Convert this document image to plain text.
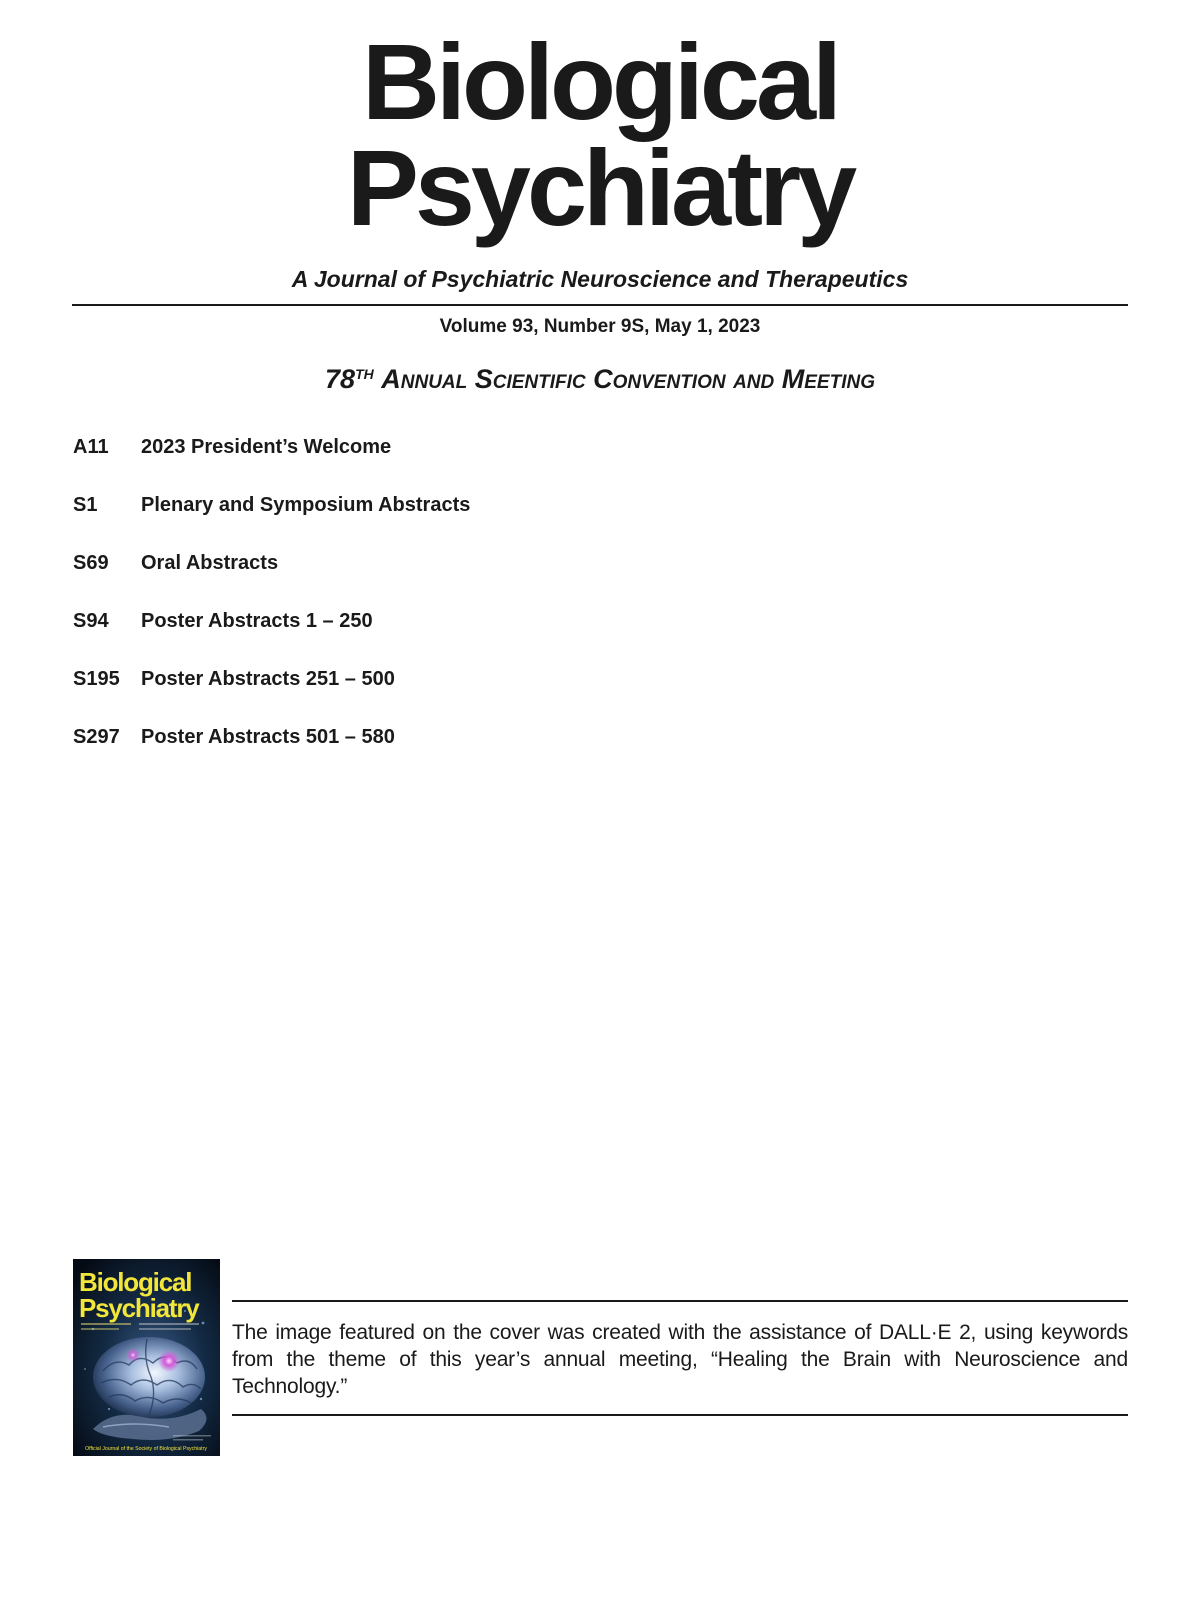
Biological
Psychiatry
A Journal of Psychiatric Neuroscience and Therapeutics
Volume 93, Number 9S, May 1, 2023
78TH Annual Scientific Convention and Meeting
A11	2023 President’s Welcome
S1	Plenary and Symposium Abstracts
S69	Oral Abstracts
S94	Poster Abstracts 1 – 250
S195	Poster Abstracts 251 – 500
S297	Poster Abstracts 501 – 580
Biological
Psychiatry
Official Journal of the Society of Biological Psychiatry

The image featured on the cover was created with the assistance of DALL·E 2, using keywords from the theme of this year’s annual meeting, “Healing the Brain with Neuroscience and Technology.”
